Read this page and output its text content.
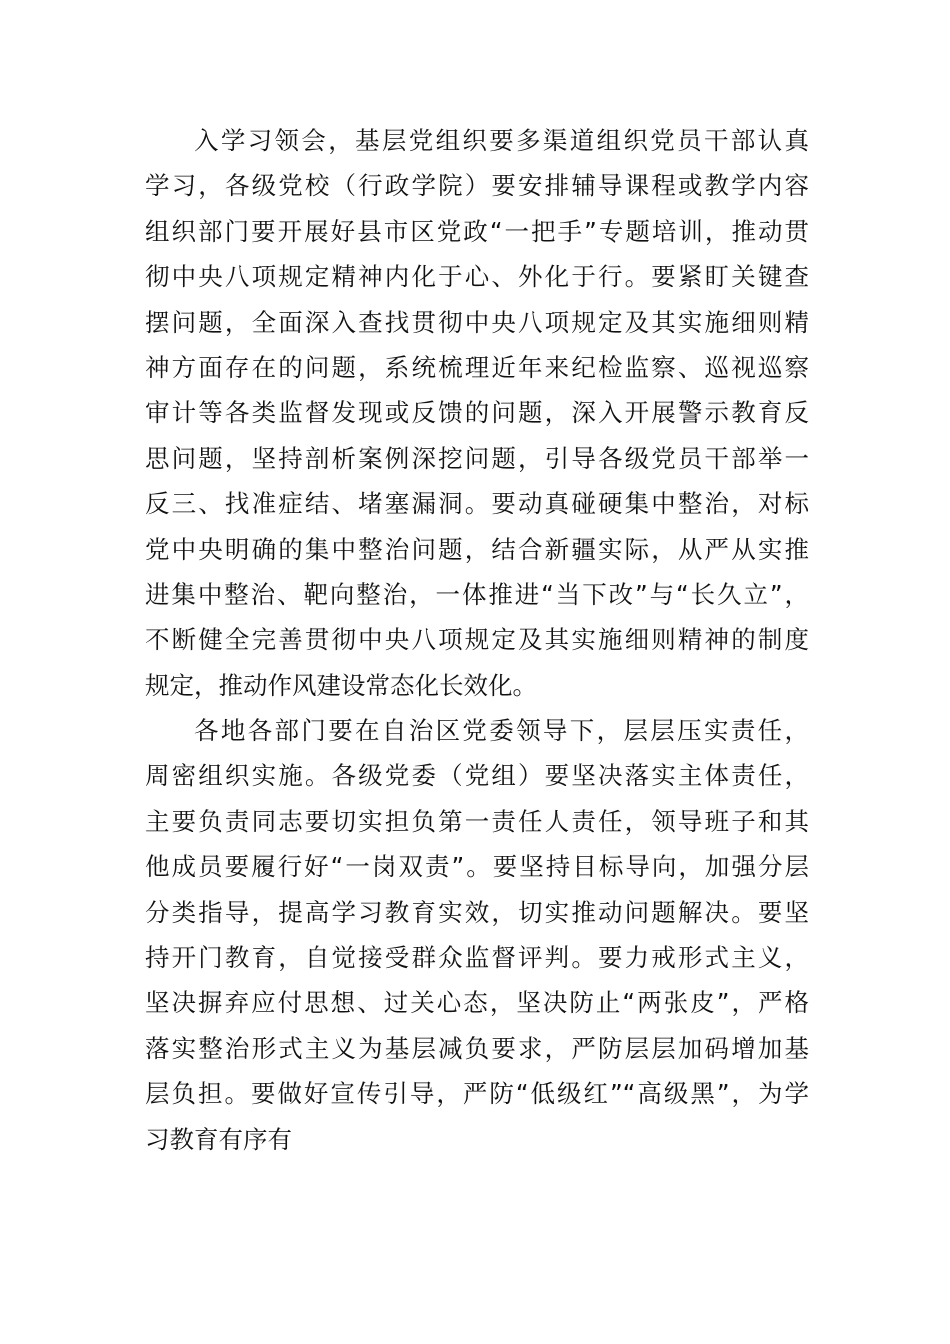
入学习领会，基层党组织要多渠道组织党员干部认真
学习，各级党校（行政学院）要安排辅导课程或教学内容
组织部门要开展好县市区党政“一把手”专题培训，推动贯
彻中央八项规定精神内化于心、外化于行。要紧盯关键查
摆问题，全面深入查找贯彻中央八项规定及其实施细则精
神方面存在的问题，系统梳理近年来纪检监察、巡视巡察
审计等各类监督发现或反馈的问题，深入开展警示教育反
思问题，坚持剖析案例深挖问题，引导各级党员干部举一
反三、找准症结、堵塞漏洞。要动真碰硬集中整治，对标
党中央明确的集中整治问题，结合新疆实际，从严从实推
进集中整治、靶向整治，一体推进“当下改”与“长久立”，
不断健全完善贯彻中央八项规定及其实施细则精神的制度
规定，推动作风建设常态化长效化。
各地各部门要在自治区党委领导下，层层压实责任，
周密组织实施。各级党委（党组）要坚决落实主体责任，
主要负责同志要切实担负第一责任人责任，领导班子和其
他成员要履行好“一岗双责”。要坚持目标导向，加强分层
分类指导，提高学习教育实效，切实推动问题解决。要坚
持开门教育，自觉接受群众监督评判。要力戒形式主义，
坚决摒弃应付思想、过关心态，坚决防止“两张皮”，严格
落实整治形式主义为基层减负要求，严防层层加码增加基
层负担。要做好宣传引导，严防“低级红”“高级黑”，为学
习教育有序有
